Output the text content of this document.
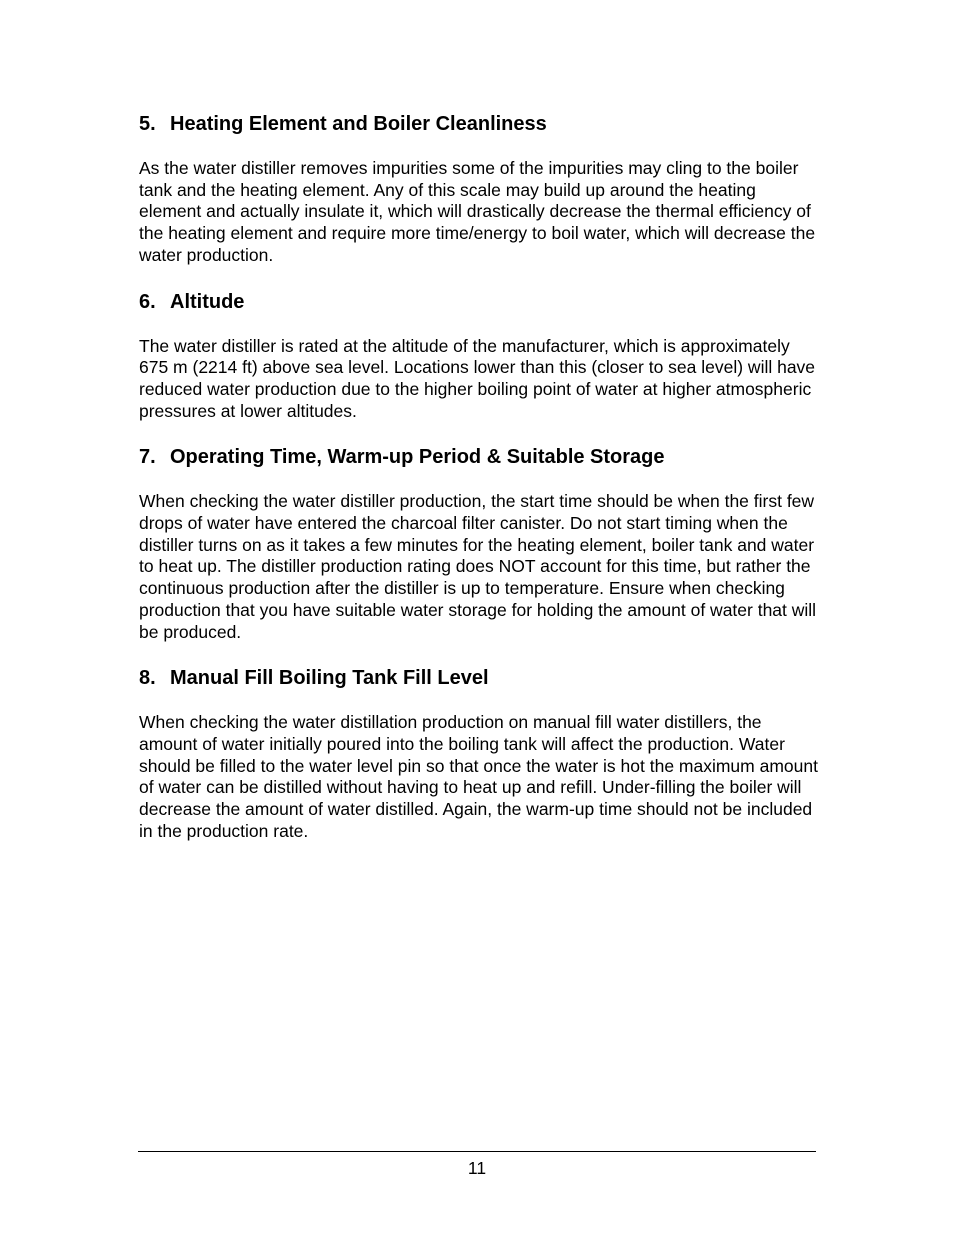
5. Heating Element and Boiler Cleanliness

As the water distiller removes impurities some of the impurities may cling to the boiler tank and the heating element. Any of this scale may build up around the heating element and actually insulate it, which will drastically decrease the thermal efficiency of the heating element and require more time/energy to boil water, which will decrease the water production.

6. Altitude

The water distiller is rated at the altitude of the manufacturer, which is approximately 675 m (2214 ft) above sea level. Locations lower than this (closer to sea level) will have reduced water production due to the higher boiling point of water at higher atmospheric pressures at lower altitudes.

7. Operating Time, Warm-up Period & Suitable Storage

When checking the water distiller production, the start time should be when the first few drops of water have entered the charcoal filter canister. Do not start timing when the distiller turns on as it takes a few minutes for the heating element, boiler tank and water to heat up. The distiller production rating does NOT account for this time, but rather the continuous production after the distiller is up to temperature. Ensure when checking production that you have suitable water storage for holding the amount of water that will be produced.

8. Manual Fill Boiling Tank Fill Level

When checking the water distillation production on manual fill water distillers, the amount of water initially poured into the boiling tank will affect the production. Water should be filled to the water level pin so that once the water is hot the maximum amount of water can be distilled without having to heat up and refill. Under-filling the boiler will decrease the amount of water distilled. Again, the warm-up time should not be included in the production rate.

11
